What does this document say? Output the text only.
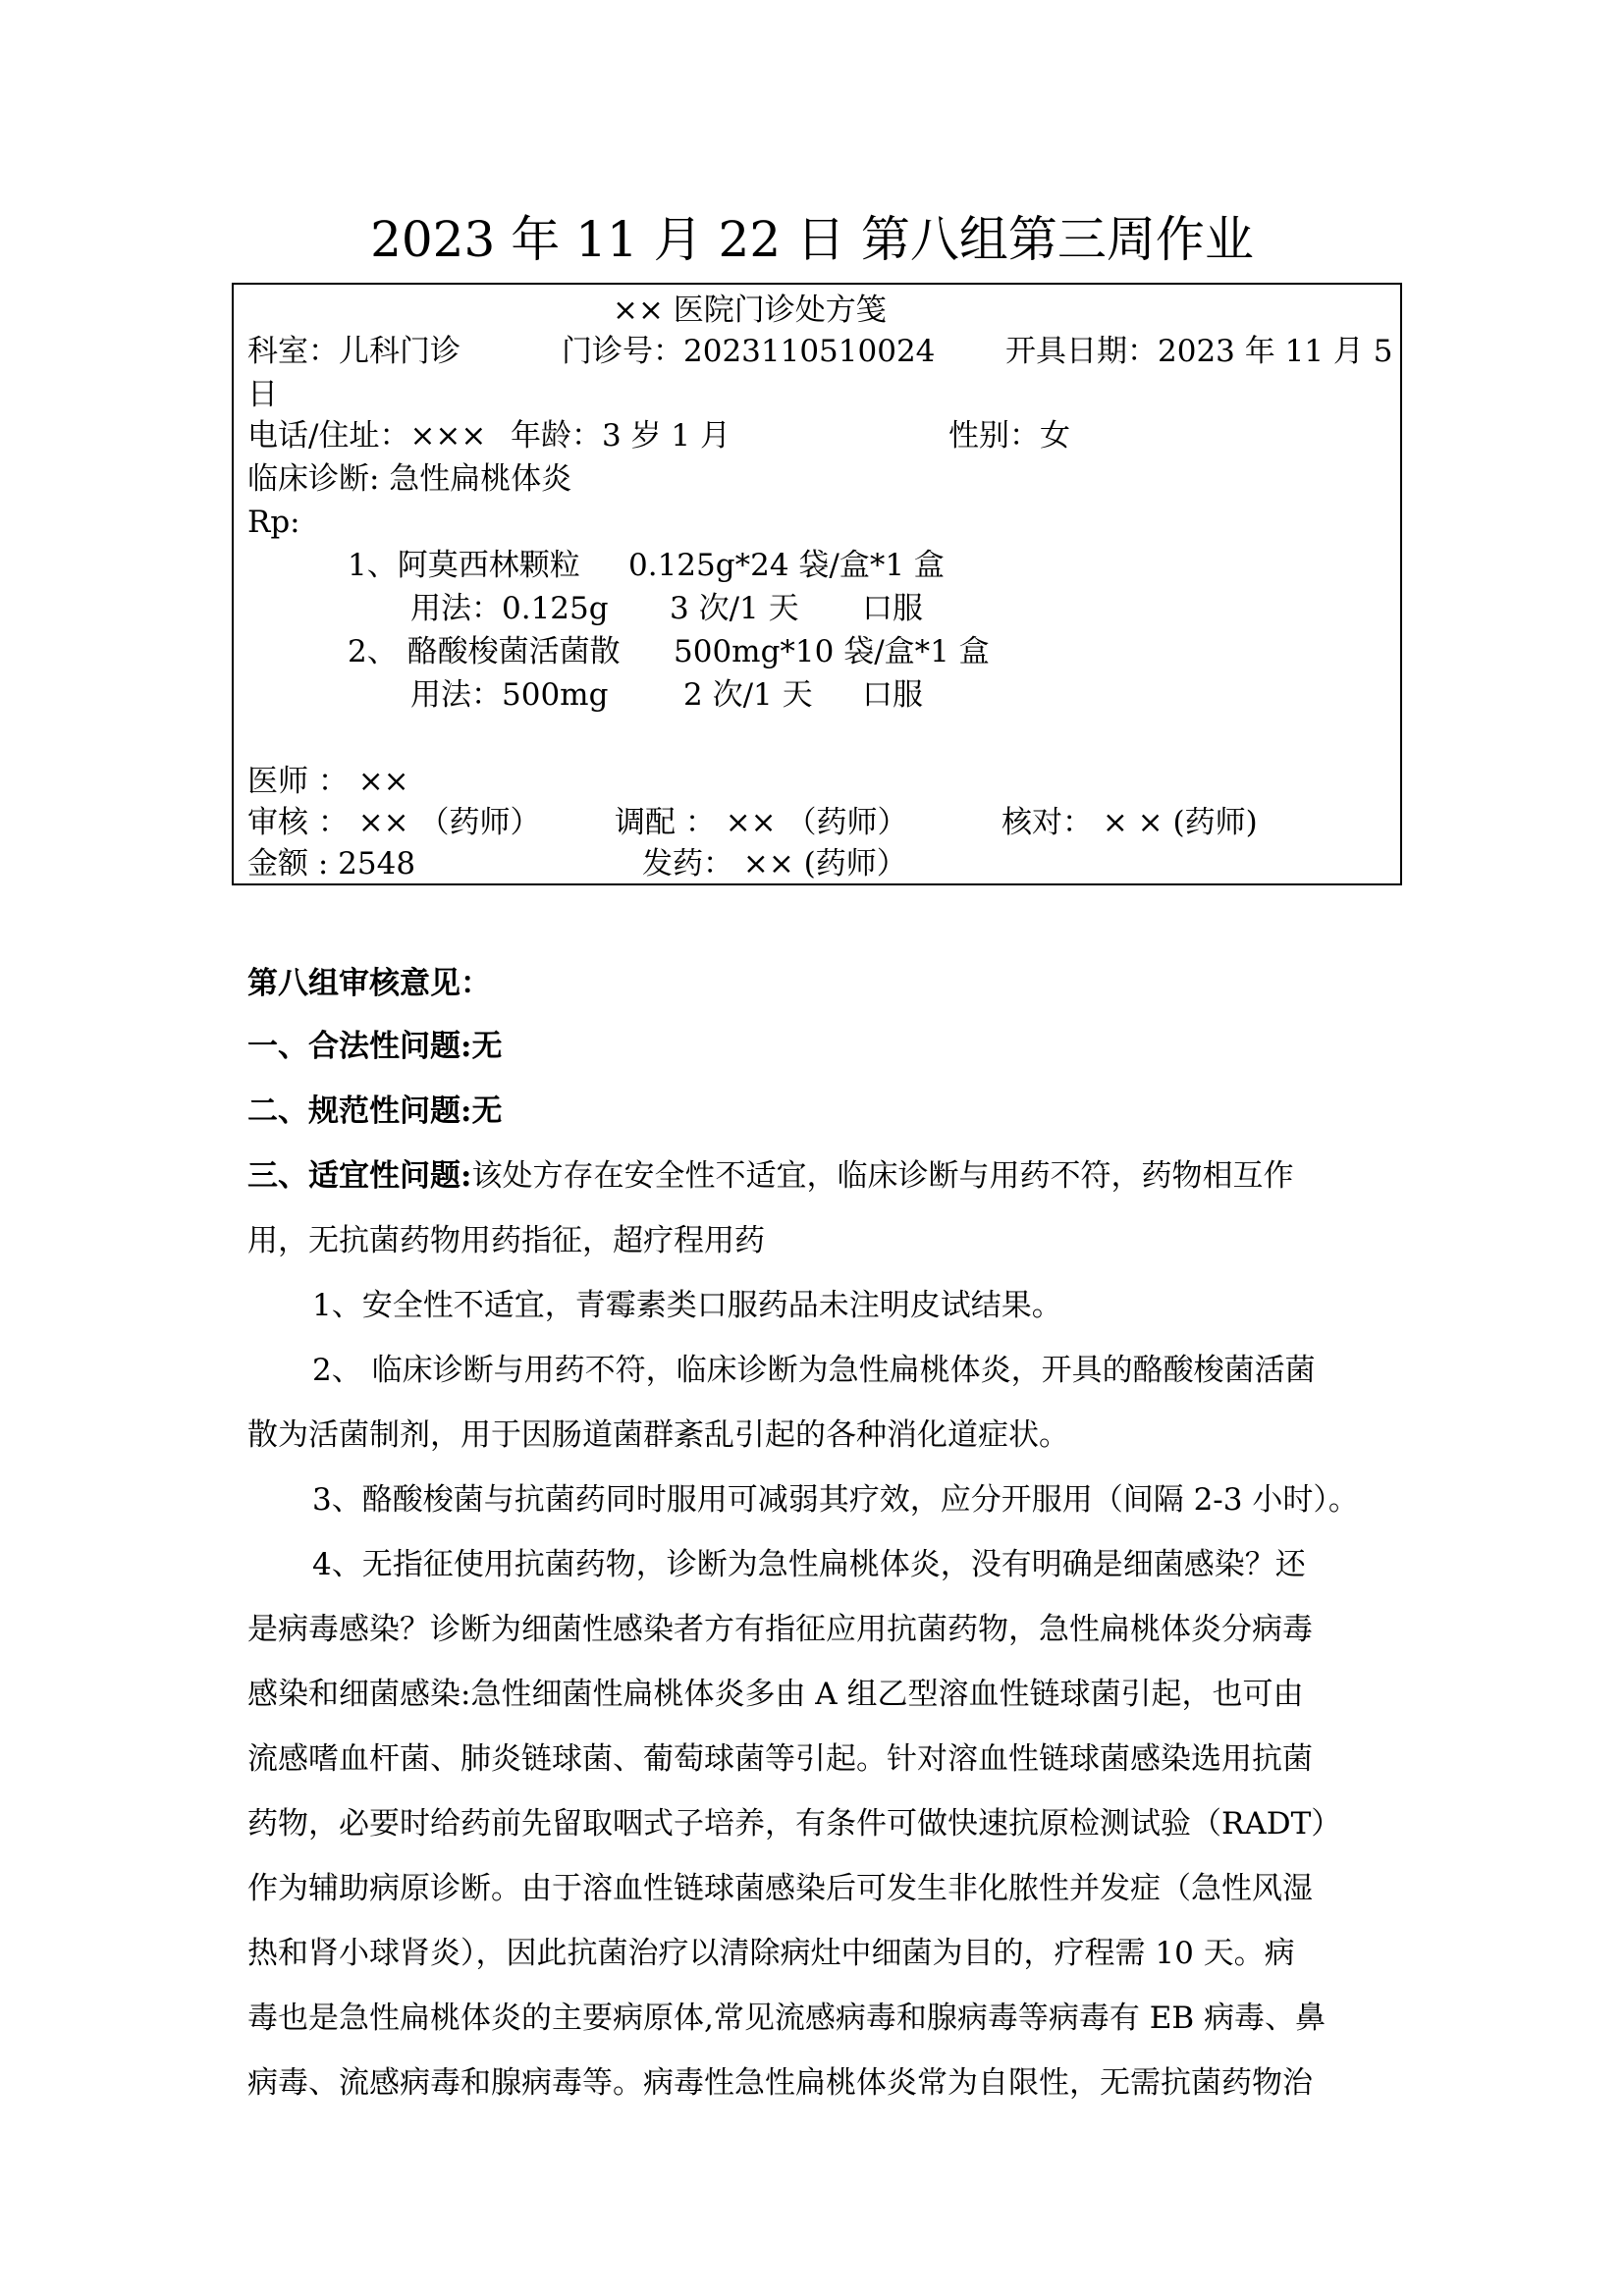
2023 年 11 月 22 日 第八组第三周作业
×× 医院门诊处方笺
科室：儿科门诊	门诊号：2023110510024 开具日期：2023 年 11 月 5
日
电话/住址：××× 年龄：3 岁 1 月	性别：女
临床诊断: 急性扁桃体炎
Rp:
1、阿莫西林颗粒 0.125g*24 袋/盒*1 盒
用法：0.125g 3 次/1 天 口服
2、 酪酸梭菌活菌散 500mg*10 袋/盒*1 盒
用法：500mg 2 次/1 天 口服
医师 ： ××
审核 ： ×× （药师） 调配 ： ×× （药师）	核对： × × (药师)
金额 : 2548	发药： ×× (药师）
第八组审核意见：
一、合法性问题:无
二、规范性问题:无
三、适宜性问题:该处方存在安全性不适宜，临床诊断与用药不符，药物相互作
用，无抗菌药物用药指征，超疗程用药
1、安全性不适宜，青霉素类口服药品未注明皮试结果。
2、 临床诊断与用药不符，临床诊断为急性扁桃体炎，开具的酪酸梭菌活菌
散为活菌制剂，用于因肠道菌群紊乱引起的各种消化道症状。
3、酪酸梭菌与抗菌药同时服用可减弱其疗效，应分开服用（间隔 2-3 小时）。
4、无指征使用抗菌药物，诊断为急性扁桃体炎，没有明确是细菌感染？还
是病毒感染？诊断为细菌性感染者方有指征应用抗菌药物，急性扁桃体炎分病毒
感染和细菌感染:急性细菌性扁桃体炎多由 A 组乙型溶血性链球菌引起，也可由
流感嗜血杆菌、肺炎链球菌、葡萄球菌等引起。针对溶血性链球菌感染选用抗菌
药物，必要时给药前先留取咽式子培养，有条件可做快速抗原检测试验（RADT）
作为辅助病原诊断。由于溶血性链球菌感染后可发生非化脓性并发症（急性风湿
热和肾小球肾炎），因此抗菌治疗以清除病灶中细菌为目的，疗程需 10 天。病
毒也是急性扁桃体炎的主要病原体,常见流感病毒和腺病毒等病毒有 EB 病毒、鼻
病毒、流感病毒和腺病毒等。病毒性急性扁桃体炎常为自限性，无需抗菌药物治
